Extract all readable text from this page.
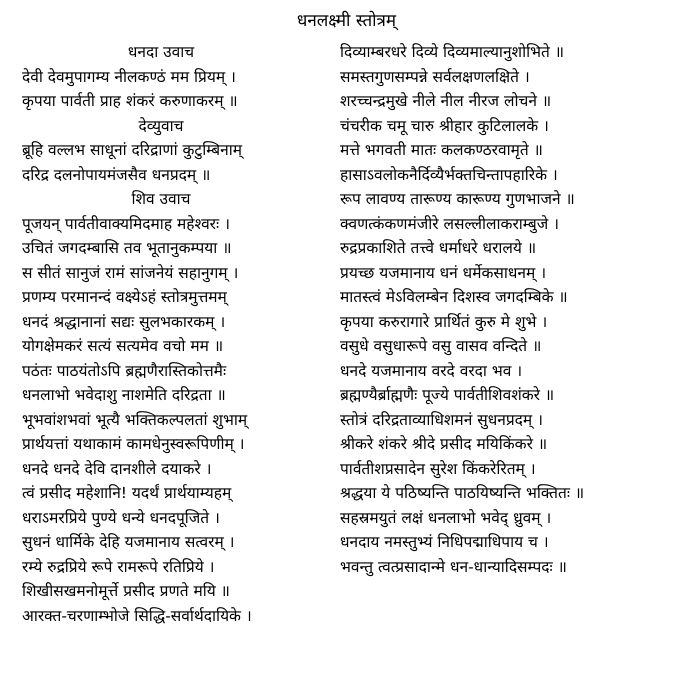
धनलक्ष्मी स्तोत्रम्
धनदा उवाच
देवी देवमुपागम्य नीलकण्ठं मम प्रियम् ।
कृपया पार्वती प्राह शंकरं करुणाकरम् ॥
देव्युवाच
ब्रूहि वल्लभ साधूनां दरिद्राणां कुटुम्बिनाम्
दरिद्र दलनोपायमंजसैव धनप्रदम् ॥
शिव उवाच
पूजयन् पार्वतीवाक्यमिदमाह महेश्वरः ।
उचितं जगदम्बासि तव भूतानुकम्पया ॥
स सीतं सानुजं रामं सांजनेयं सहानुगम् ।
प्रणम्य परमानन्दं वक्ष्येऽहं स्तोत्रमुत्तमम्
धनदं श्रद्धानानां सद्यः सुलभकारकम् ।
योगक्षेमकरं सत्यं सत्यमेव वचो मम ॥
पठंतः पाठयंतोऽपि ब्रह्मणैरास्तिकोत्तमैः
धनलाभो भवेदाशु नाशमेति दरिद्रता ॥
भूभवांशभवां भूत्यै भक्तिकल्पलतां शुभाम्
प्रार्थयत्तां यथाकामं कामधेनुस्वरूपिणीम् ।
धनदे धनदे देवि दानशीले दयाकरे ।
त्वं प्रसीद महेशानि! यदर्थं प्रार्थयाम्यहम्
धराऽमरप्रिये पुण्ये धन्ये धनदपूजिते ।
सुधनं धार्मिके देहि यजमानाय सत्वरम् ।
रम्ये रुद्रप्रिये रूपे रामरूपे रतिप्रिये ।
शिखीसखमनोमूर्त्ते प्रसीद प्रणते मयि ॥
आरक्त-चरणाम्भोजे सिद्धि-सर्वार्थदायिके ।
दिव्याम्बरधरे दिव्ये दिव्यमाल्यानुशोभिते ॥
समस्तगुणसम्पन्ने सर्वलक्षणलक्षिते ।
शरच्चन्द्रमुखे नीले नील नीरज लोचने ॥
चंचरीक चमू चारु श्रीहार कुटिलालके ।
मत्ते भगवती मातः कलकण्ठरवामृते ॥
हासाऽवलोकनैर्दिव्यैर्भक्तचिन्तापहारिके ।
रूप लावण्य तारूण्य कारूण्य गुणभाजने ॥
क्वणत्कंकणमंजीरे लसल्लीलाकराम्बुजे ।
रुद्रप्रकाशिते तत्त्वे धर्माधरे धरालये ॥
प्रयच्छ यजमानाय धनं धर्मेकसाधनम् ।
मातस्त्वं मेऽविलम्बेन दिशस्व जगदम्बिके ॥
कृपया करुरागारे प्रार्थितं कुरु मे शुभे ।
वसुधे वसुधारूपे वसु वासव वन्दिते ॥
धनदे यजमानाय वरदे वरदा भव ।
ब्रह्मण्यैर्ब्राह्मणैः पूज्ये पार्वतीशिवशंकरे ॥
स्तोत्रं दरिद्रताव्याधिशमनं सुधनप्रदम् ।
श्रीकरे शंकरे श्रीदे प्रसीद मयिकिंकरे ॥
पार्वतीशप्रसादेन सुरेश किंकरेरितम् ।
श्रद्धया ये पठिष्यन्ति पाठयिष्यन्ति भक्तितः ॥
सहस्रमयुतं लक्षं धनलाभो भवेद् ध्रुवम् ।
धनदाय नमस्तुभ्यं निधिपद्माधिपाय च ।
भवन्तु त्वत्प्रसादान्मे धन-धान्यादिसम्पदः ॥
